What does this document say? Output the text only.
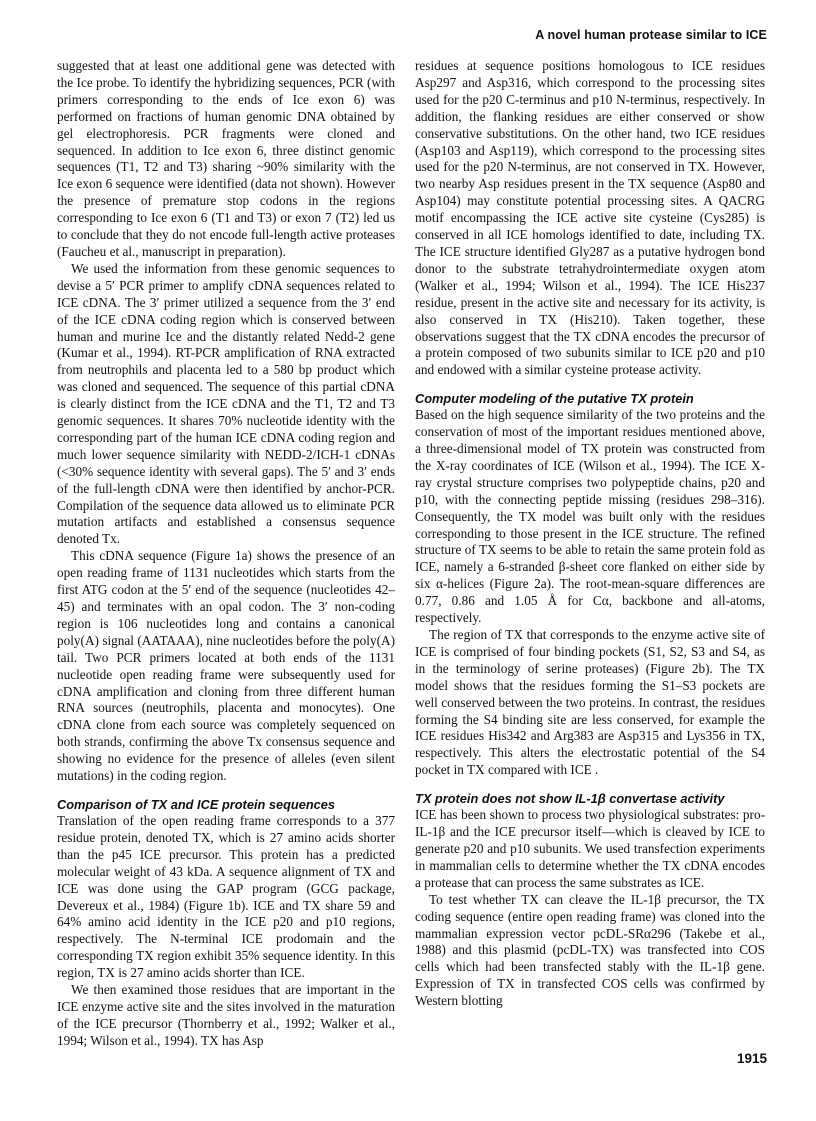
A novel human protease similar to ICE

suggested that at least one additional gene was detected with the Ice probe. To identify the hybridizing sequences, PCR (with primers corresponding to the ends of Ice exon 6) was performed on fractions of human genomic DNA obtained by gel electrophoresis. PCR fragments were cloned and sequenced. In addition to Ice exon 6, three distinct genomic sequences (T1, T2 and T3) sharing ~90% similarity with the Ice exon 6 sequence were identified (data not shown). However the presence of premature stop codons in the regions corresponding to Ice exon 6 (T1 and T3) or exon 7 (T2) led us to conclude that they do not encode full-length active proteases (Faucheu et al., manuscript in preparation).

We used the information from these genomic sequences to devise a 5′ PCR primer to amplify cDNA sequences related to ICE cDNA. The 3′ primer utilized a sequence from the 3′ end of the ICE cDNA coding region which is conserved between human and murine Ice and the distantly related Nedd-2 gene (Kumar et al., 1994). RT-PCR amplification of RNA extracted from neutrophils and placenta led to a 580 bp product which was cloned and sequenced. The sequence of this partial cDNA is clearly distinct from the ICE cDNA and the T1, T2 and T3 genomic sequences. It shares 70% nucleotide identity with the corresponding part of the human ICE cDNA coding region and much lower sequence similarity with NEDD-2/ICH-1 cDNAs (<30% sequence identity with several gaps). The 5′ and 3′ ends of the full-length cDNA were then identified by anchor-PCR. Compilation of the sequence data allowed us to eliminate PCR mutation artifacts and established a consensus sequence denoted Tx.

This cDNA sequence (Figure 1a) shows the presence of an open reading frame of 1131 nucleotides which starts from the first ATG codon at the 5′ end of the sequence (nucleotides 42–45) and terminates with an opal codon. The 3′ non-coding region is 106 nucleotides long and contains a canonical poly(A) signal (AATAAA), nine nucleotides before the poly(A) tail. Two PCR primers located at both ends of the 1131 nucleotide open reading frame were subsequently used for cDNA amplification and cloning from three different human RNA sources (neutrophils, placenta and monocytes). One cDNA clone from each source was completely sequenced on both strands, confirming the above Tx consensus sequence and showing no evidence for the presence of alleles (even silent mutations) in the coding region.

Comparison of TX and ICE protein sequences

Translation of the open reading frame corresponds to a 377 residue protein, denoted TX, which is 27 amino acids shorter than the p45 ICE precursor. This protein has a predicted molecular weight of 43 kDa. A sequence alignment of TX and ICE was done using the GAP program (GCG package, Devereux et al., 1984) (Figure 1b). ICE and TX share 59 and 64% amino acid identity in the ICE p20 and p10 regions, respectively. The N-terminal ICE prodomain and the corresponding TX region exhibit 35% sequence identity. In this region, TX is 27 amino acids shorter than ICE.

We then examined those residues that are important in the ICE enzyme active site and the sites involved in the maturation of the ICE precursor (Thornberry et al., 1992; Walker et al., 1994; Wilson et al., 1994). TX has Asp

residues at sequence positions homologous to ICE residues Asp297 and Asp316, which correspond to the processing sites used for the p20 C-terminus and p10 N-terminus, respectively. In addition, the flanking residues are either conserved or show conservative substitutions. On the other hand, two ICE residues (Asp103 and Asp119), which correspond to the processing sites used for the p20 N-terminus, are not conserved in TX. However, two nearby Asp residues present in the TX sequence (Asp80 and Asp104) may constitute potential processing sites. A QACRG motif encompassing the ICE active site cysteine (Cys285) is conserved in all ICE homologs identified to date, including TX. The ICE structure identified Gly287 as a putative hydrogen bond donor to the substrate tetrahydrointermediate oxygen atom (Walker et al., 1994; Wilson et al., 1994). The ICE His237 residue, present in the active site and necessary for its activity, is also conserved in TX (His210). Taken together, these observations suggest that the TX cDNA encodes the precursor of a protein composed of two subunits similar to ICE p20 and p10 and endowed with a similar cysteine protease activity.

Computer modeling of the putative TX protein

Based on the high sequence similarity of the two proteins and the conservation of most of the important residues mentioned above, a three-dimensional model of TX protein was constructed from the X-ray coordinates of ICE (Wilson et al., 1994). The ICE X-ray crystal structure comprises two polypeptide chains, p20 and p10, with the connecting peptide missing (residues 298–316). Consequently, the TX model was built only with the residues corresponding to those present in the ICE structure. The refined structure of TX seems to be able to retain the same protein fold as ICE, namely a 6-stranded β-sheet core flanked on either side by six α-helices (Figure 2a). The root-mean-square differences are 0.77, 0.86 and 1.05 Å for Cα, backbone and all-atoms, respectively.

The region of TX that corresponds to the enzyme active site of ICE is comprised of four binding pockets (S1, S2, S3 and S4, as in the terminology of serine proteases) (Figure 2b). The TX model shows that the residues forming the S1–S3 pockets are well conserved between the two proteins. In contrast, the residues forming the S4 binding site are less conserved, for example the ICE residues His342 and Arg383 are Asp315 and Lys356 in TX, respectively. This alters the electrostatic potential of the S4 pocket in TX compared with ICE .

TX protein does not show IL-1β convertase activity

ICE has been shown to process two physiological substrates: pro-IL-1β and the ICE precursor itself—which is cleaved by ICE to generate p20 and p10 subunits. We used transfection experiments in mammalian cells to determine whether the TX cDNA encodes a protease that can process the same substrates as ICE.

To test whether TX can cleave the IL-1β precursor, the TX coding sequence (entire open reading frame) was cloned into the mammalian expression vector pcDL-SRα296 (Takebe et al., 1988) and this plasmid (pcDL-TX) was transfected into COS cells which had been transfected stably with the IL-1β gene. Expression of TX in transfected COS cells was confirmed by Western blotting

1915
